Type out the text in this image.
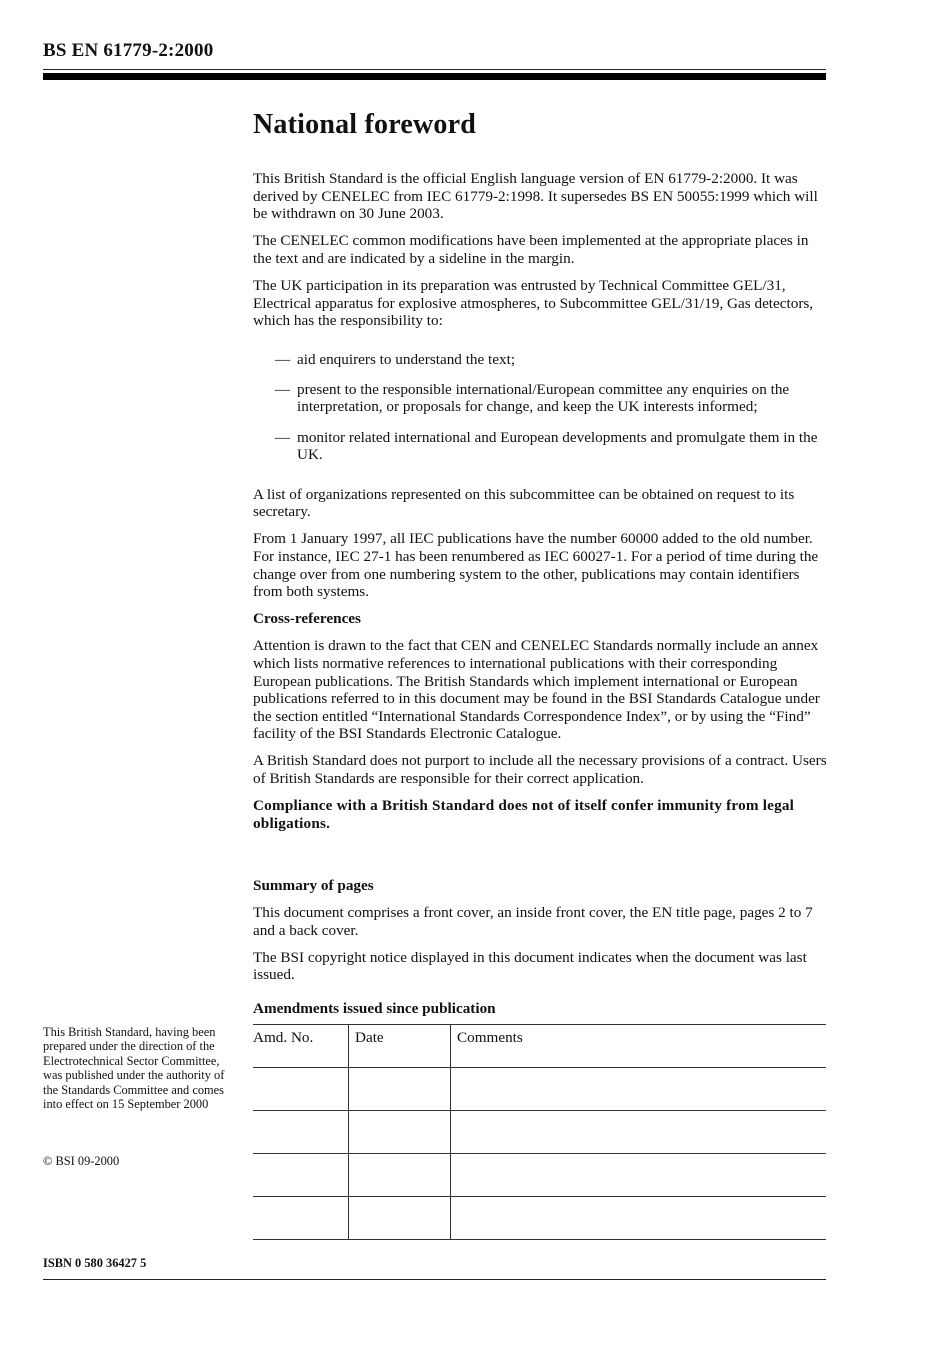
BS EN 61779-2:2000
National foreword

This British Standard is the official English language version of EN 61779-2:2000. It was derived by CENELEC from IEC 61779-2:1998. It supersedes BS EN 50055:1999 which will be withdrawn on 30 June 2003.

The CENELEC common modifications have been implemented at the appropriate places in the text and are indicated by a sideline in the margin.

The UK participation in its preparation was entrusted by Technical Committee GEL/31, Electrical apparatus for explosive atmospheres, to Subcommittee GEL/31/19, Gas detectors, which has the responsibility to:

— aid enquirers to understand the text;
— present to the responsible international/European committee any enquiries on the interpretation, or proposals for change, and keep the UK interests informed;
— monitor related international and European developments and promulgate them in the UK.

A list of organizations represented on this subcommittee can be obtained on request to its secretary.

From 1 January 1997, all IEC publications have the number 60000 added to the old number. For instance, IEC 27-1 has been renumbered as IEC 60027-1. For a period of time during the change over from one numbering system to the other, publications may contain identifiers from both systems.

Cross-references

Attention is drawn to the fact that CEN and CENELEC Standards normally include an annex which lists normative references to international publications with their corresponding European publications. The British Standards which implement international or European publications referred to in this document may be found in the BSI Standards Catalogue under the section entitled “International Standards Correspondence Index”, or by using the “Find” facility of the BSI Standards Electronic Catalogue.

A British Standard does not purport to include all the necessary provisions of a contract. Users of British Standards are responsible for their correct application.

Compliance with a British Standard does not of itself confer immunity from legal obligations.

Summary of pages

This document comprises a front cover, an inside front cover, the EN title page, pages 2 to 7 and a back cover.

The BSI copyright notice displayed in this document indicates when the document was last issued.

Amendments issued since publication
Amd. No.	Date	Comments

This British Standard, having been prepared under the direction of the Electrotechnical Sector Committee, was published under the authority of the Standards Committee and comes into effect on 15 September 2000
© BSI 09-2000
ISBN 0 580 36427 5
